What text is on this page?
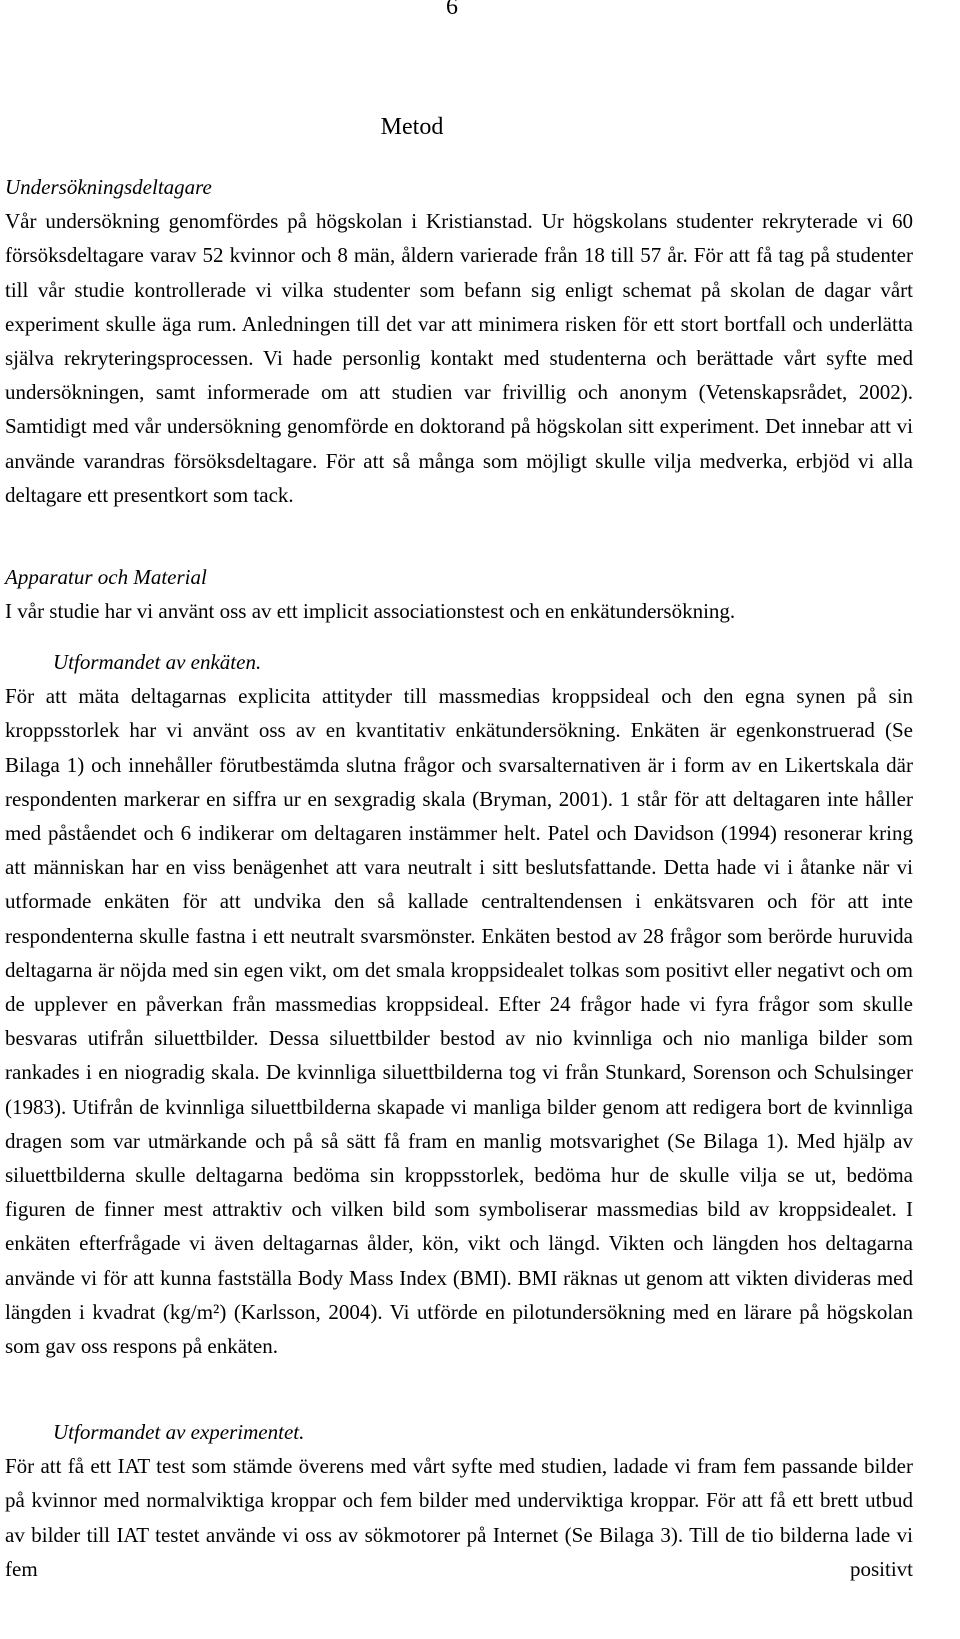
6
Metod

Undersökningsdeltagare

Vår undersökning genomfördes på högskolan i Kristianstad. Ur högskolans studenter rekryterade vi 60 försöksdeltagare varav 52 kvinnor och 8 män, åldern varierade från 18 till 57 år. För att få tag på studenter till vår studie kontrollerade vi vilka studenter som befann sig enligt schemat på skolan de dagar vårt experiment skulle äga rum. Anledningen till det var att minimera risken för ett stort bortfall och underlätta själva rekryteringsprocessen. Vi hade personlig kontakt med studenterna och berättade vårt syfte med undersökningen, samt informerade om att studien var frivillig och anonym (Vetenskapsrådet, 2002). Samtidigt med vår undersökning genomförde en doktorand på högskolan sitt experiment. Det innebar att vi använde varandras försöksdeltagare. För att så många som möjligt skulle vilja medverka, erbjöd vi alla deltagare ett presentkort som tack.

Apparatur och Material

I vår studie har vi använt oss av ett implicit associationstest och en enkätundersökning.

Utformandet av enkäten.

För att mäta deltagarnas explicita attityder till massmedias kroppsideal och den egna synen på sin kroppsstorlek har vi använt oss av en kvantitativ enkätundersökning. Enkäten är egenkonstruerad (Se Bilaga 1) och innehåller förutbestämda slutna frågor och svarsalternativen är i form av en Likertskala där respondenten markerar en siffra ur en sexgradig skala (Bryman, 2001). 1 står för att deltagaren inte håller med påståendet och 6 indikerar om deltagaren instämmer helt. Patel och Davidson (1994) resonerar kring att människan har en viss benägenhet att vara neutralt i sitt beslutsfattande. Detta hade vi i åtanke när vi utformade enkäten för att undvika den så kallade centraltendensen i enkätsvaren och för att inte respondenterna skulle fastna i ett neutralt svarsmönster. Enkäten bestod av 28 frågor som berörde huruvida deltagarna är nöjda med sin egen vikt, om det smala kroppsidealet tolkas som positivt eller negativt och om de upplever en påverkan från massmedias kroppsideal. Efter 24 frågor hade vi fyra frågor som skulle besvaras utifrån siluettbilder. Dessa siluettbilder bestod av nio kvinnliga och nio manliga bilder som rankades i en niogradig skala. De kvinnliga siluettbilderna tog vi från Stunkard, Sorenson och Schulsinger (1983). Utifrån de kvinnliga siluettbilderna skapade vi manliga bilder genom att redigera bort de kvinnliga dragen som var utmärkande och på så sätt få fram en manlig motsvarighet (Se Bilaga 1). Med hjälp av siluettbilderna skulle deltagarna bedöma sin kroppsstorlek, bedöma hur de skulle vilja se ut, bedöma figuren de finner mest attraktiv och vilken bild som symboliserar massmedias bild av kroppsidealet. I enkäten efterfrågade vi även deltagarnas ålder, kön, vikt och längd. Vikten och längden hos deltagarna använde vi för att kunna fastställa Body Mass Index (BMI). BMI räknas ut genom att vikten divideras med längden i kvadrat (kg/m²) (Karlsson, 2004). Vi utförde en pilotundersökning med en lärare på högskolan som gav oss respons på enkäten.

Utformandet av experimentet.

För att få ett IAT test som stämde överens med vårt syfte med studien, ladade vi fram fem passande bilder på kvinnor med normalviktiga kroppar och fem bilder med underviktiga kroppar. För att få ett brett utbud av bilder till IAT testet använde vi oss av sökmotorer på Internet (Se Bilaga 3). Till de tio bilderna lade vi fem positivt
